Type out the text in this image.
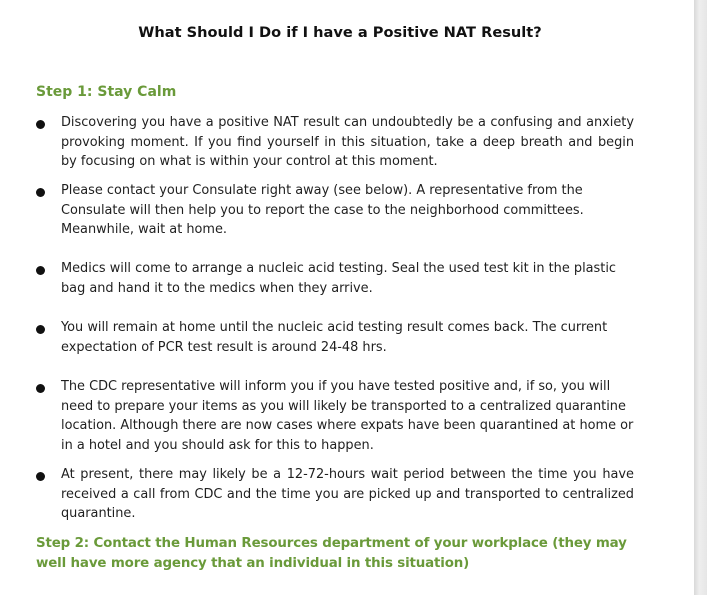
What Should I Do if I have a Positive NAT Result?
Step 1: Stay Calm
Discovering you have a positive NAT result can undoubtedly be a confusing and anxiety provoking moment. If you find yourself in this situation, take a deep breath and begin by focusing on what is within your control at this moment.
Please contact your Consulate right away (see below). A representative from the Consulate will then help you to report the case to the neighborhood committees. Meanwhile, wait at home.
Medics will come to arrange a nucleic acid testing. Seal the used test kit in the plastic bag and hand it to the medics when they arrive.
You will remain at home until the nucleic acid testing result comes back. The current expectation of PCR test result is around 24-48 hrs.
The CDC representative will inform you if you have tested positive and, if so, you will need to prepare your items as you will likely be transported to a centralized quarantine location. Although there are now cases where expats have been quarantined at home or in a hotel and you should ask for this to happen.
At present, there may likely be a 12-72-hours wait period between the time you have received a call from CDC and the time you are picked up and transported to centralized quarantine.
Step 2: Contact the Human Resources department of your workplace (they may well have more agency that an individual in this situation)
